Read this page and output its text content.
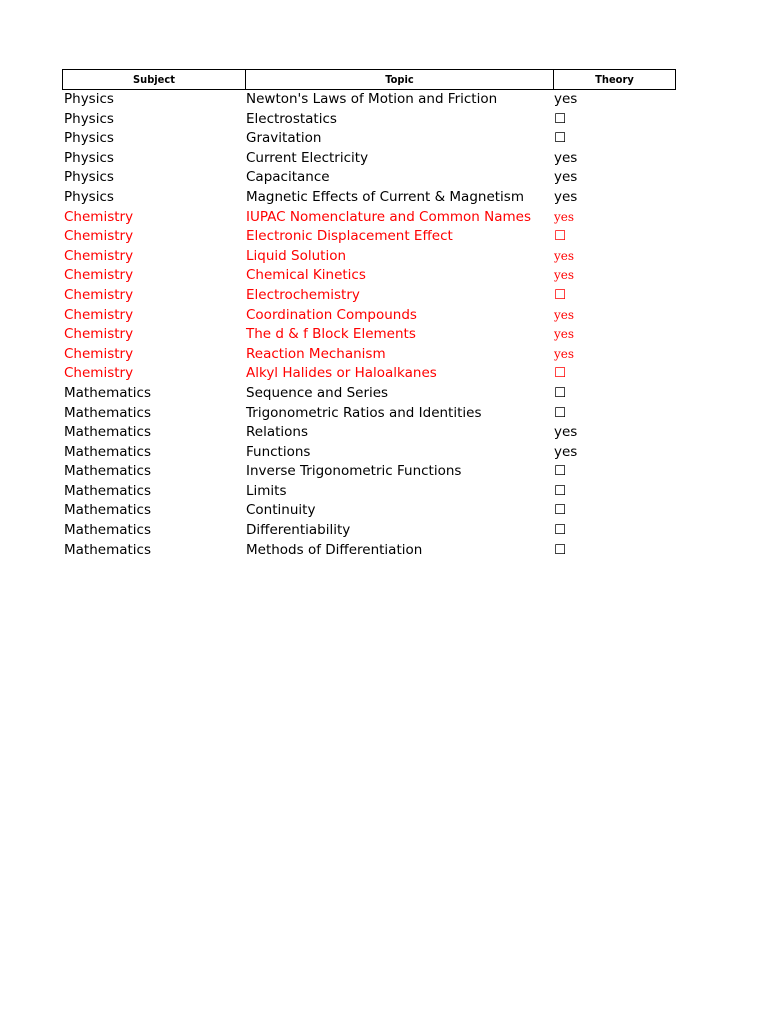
Subject	Topic	Theory
Physics	Newton's Laws of Motion and Friction	yes
Physics	Electrostatics	☐
Physics	Gravitation	☐
Physics	Current Electricity	yes
Physics	Capacitance	yes
Physics	Magnetic Effects of Current & Magnetism	yes
Chemistry	IUPAC Nomenclature and Common Names	yes
Chemistry	Electronic Displacement Effect	☐
Chemistry	Liquid Solution	yes
Chemistry	Chemical Kinetics	yes
Chemistry	Electrochemistry	☐
Chemistry	Coordination Compounds	yes
Chemistry	The d & f Block Elements	yes
Chemistry	Reaction Mechanism	yes
Chemistry	Alkyl Halides or Haloalkanes	☐
Mathematics	Sequence and Series	☐
Mathematics	Trigonometric Ratios and Identities	☐
Mathematics	Relations	yes
Mathematics	Functions	yes
Mathematics	Inverse Trigonometric Functions	☐
Mathematics	Limits	☐
Mathematics	Continuity	☐
Mathematics	Differentiability	☐
Mathematics	Methods of Differentiation	☐
